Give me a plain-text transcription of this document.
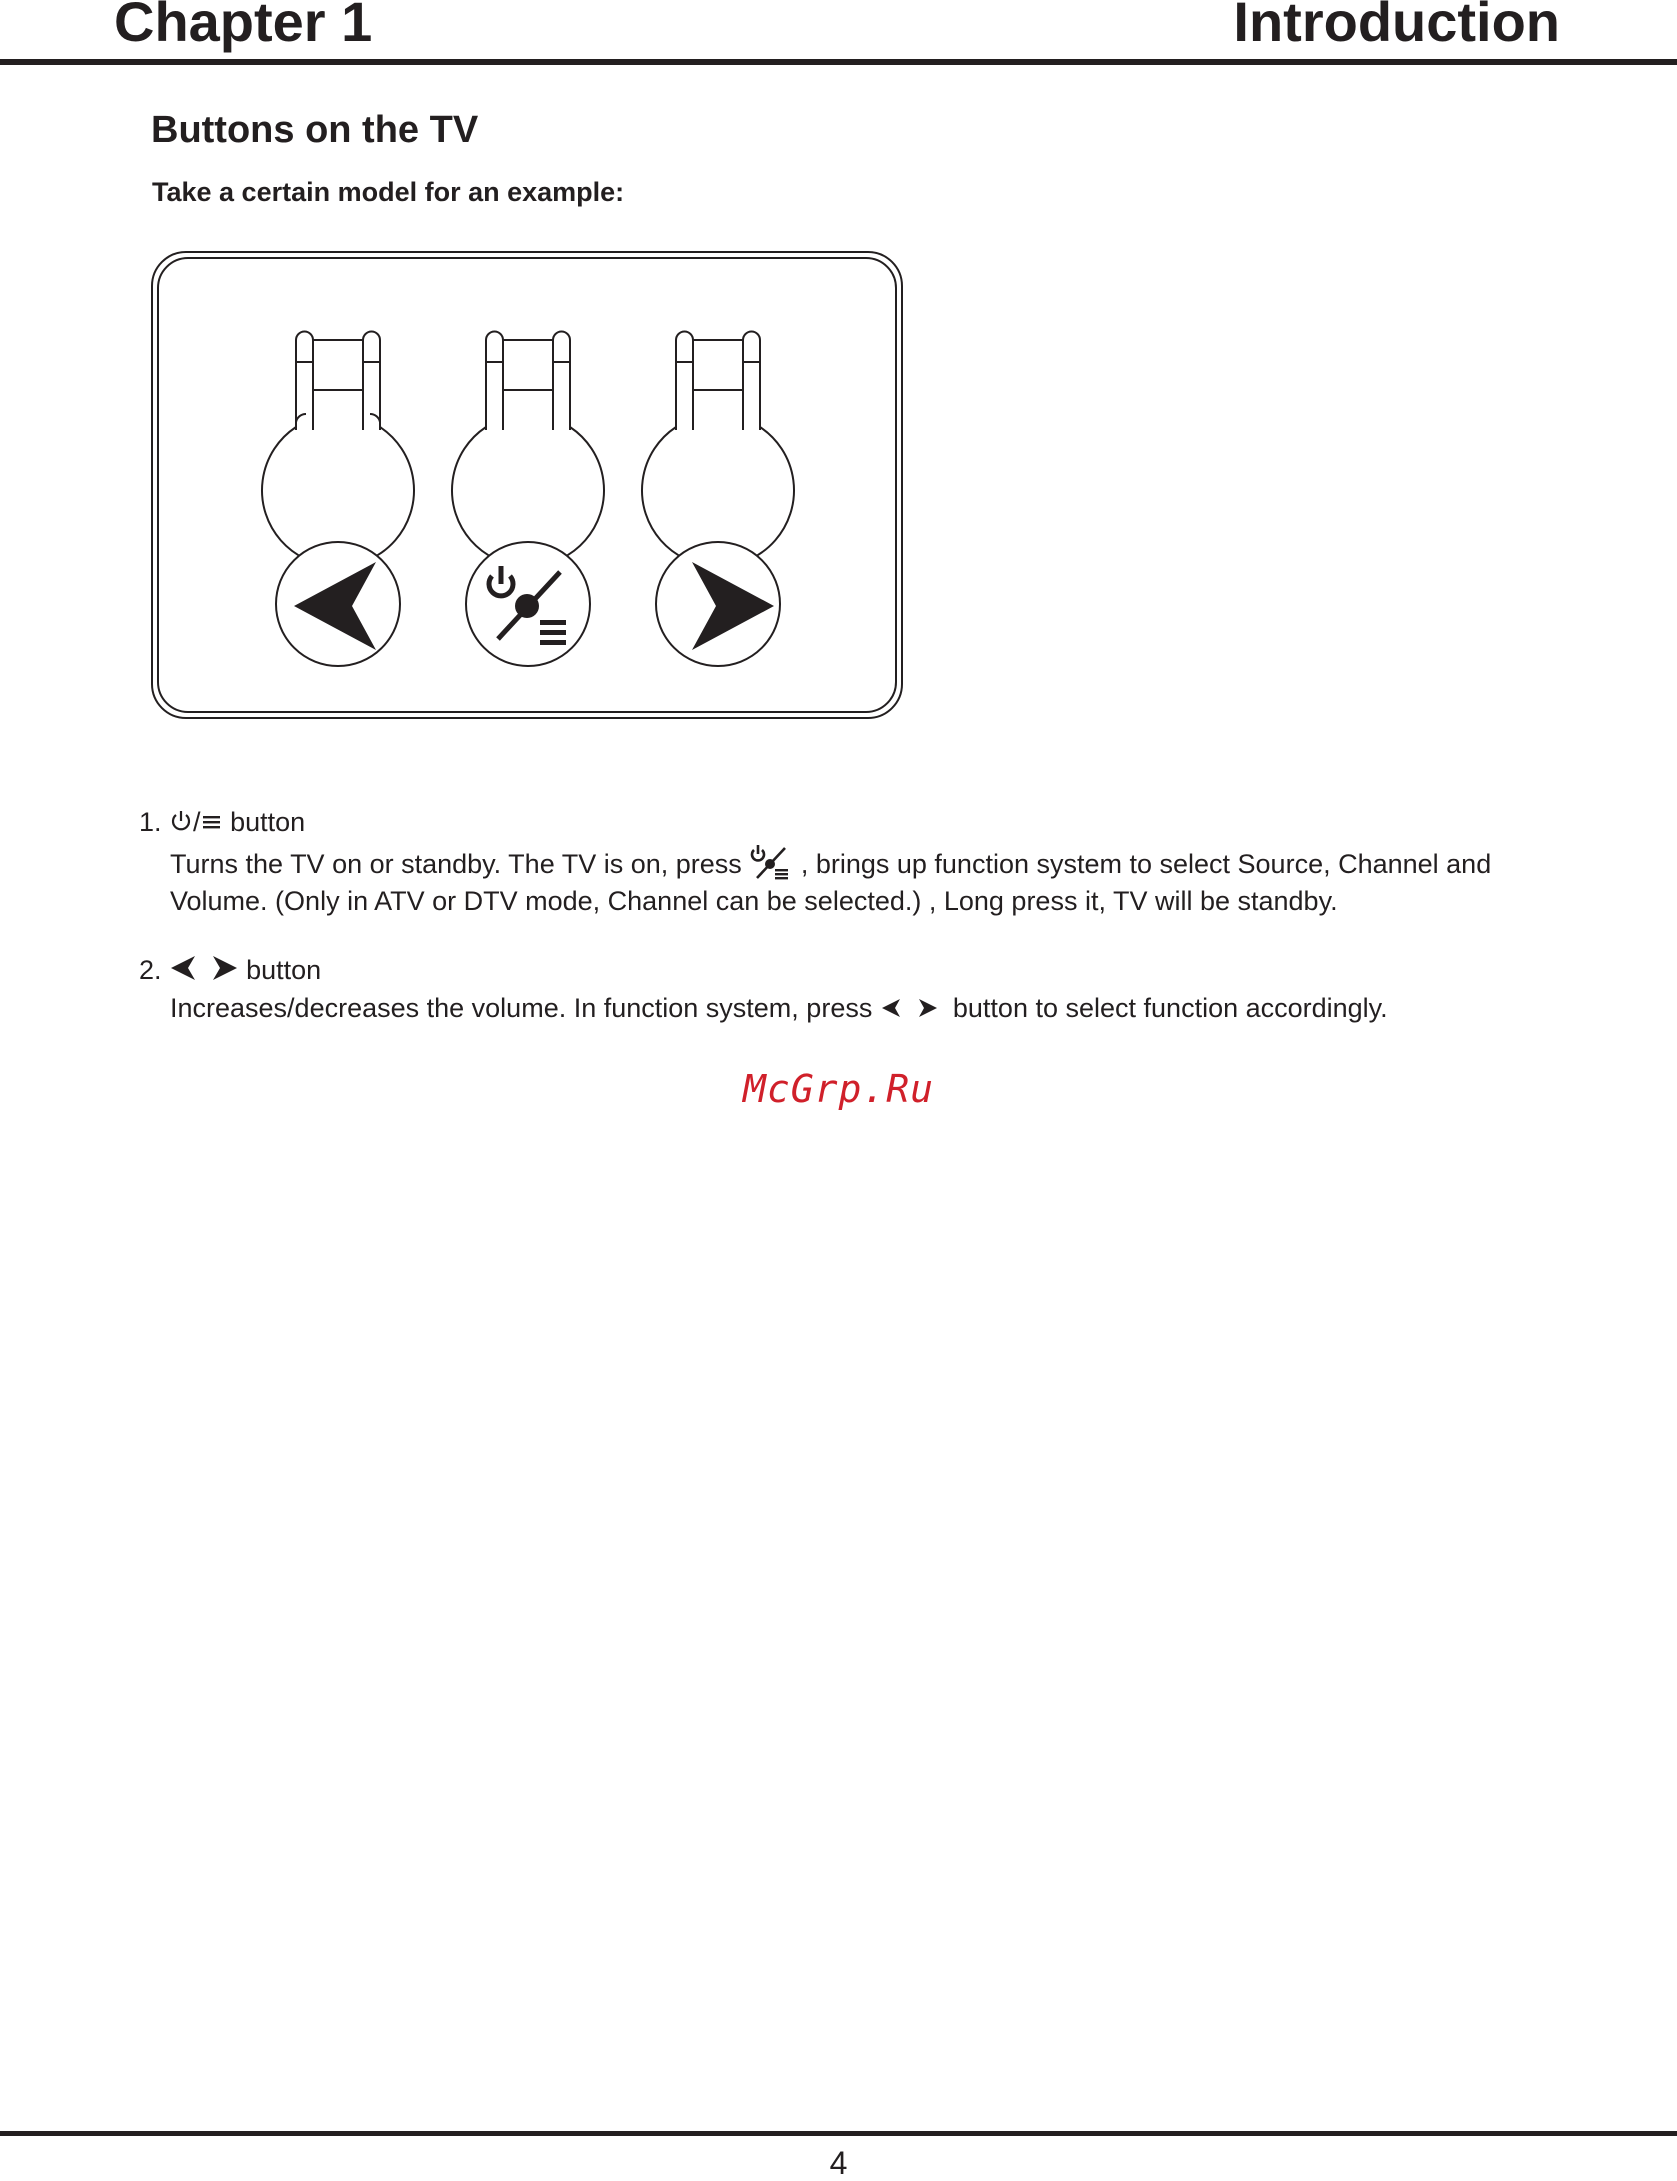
Chapter 1	Introduction
Buttons on the TV
Take a certain model for an example:
1. / button
Turns the TV on or standby. The TV is on, press , brings up function system to select Source, Channel and
Volume. (Only in ATV or DTV mode, Channel can be selected.) , Long press it, TV will be standby.
2.	button
Increases/decreases the volume. In function system, press	button to select function accordingly.
McGrp.Ru
4
